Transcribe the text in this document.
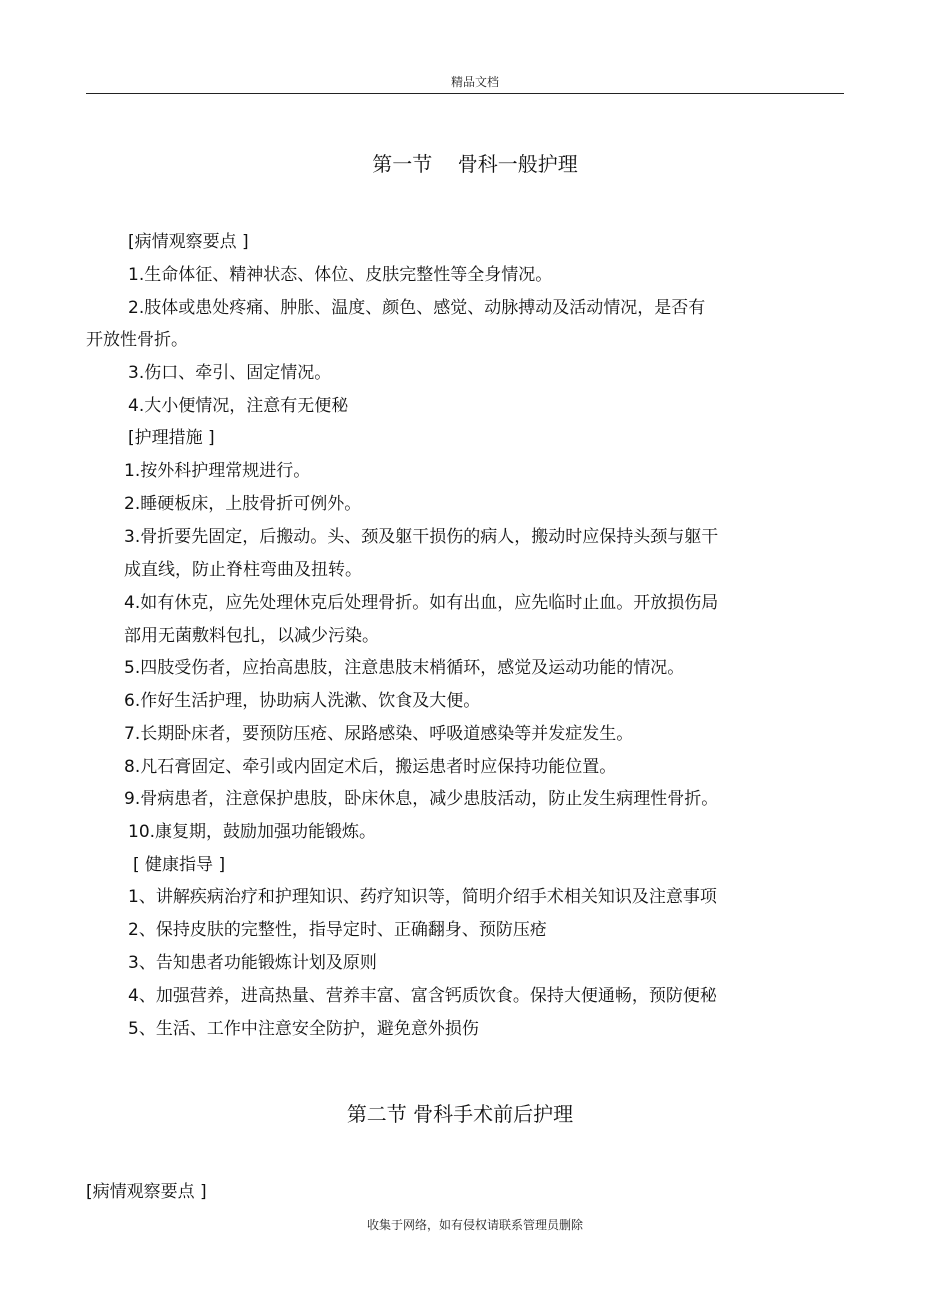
精品文档
第一节    骨科一般护理
[病情观察要点 ]
1.生命体征、精神状态、体位、皮肤完整性等全身情况。
2.肢体或患处疼痛、肿胀、温度、颜色、感觉、动脉搏动及活动情况，是否有
开放性骨折。
3.伤口、牵引、固定情况。
4.大小便情况，注意有无便秘
[护理措施 ]
1.按外科护理常规进行。
2.睡硬板床，上肢骨折可例外。
3.骨折要先固定，后搬动。头、颈及躯干损伤的病人，搬动时应保持头颈与躯干
成直线，防止脊柱弯曲及扭转。
4.如有休克，应先处理休克后处理骨折。如有出血，应先临时止血。开放损伤局
部用无菌敷料包扎，以减少污染。
5.四肢受伤者，应抬高患肢，注意患肢末梢循环，感觉及运动功能的情况。
6.作好生活护理，协助病人洗漱、饮食及大便。
7.长期卧床者，要预防压疮、尿路感染、呼吸道感染等并发症发生。
8.凡石膏固定、牵引或内固定术后，搬运患者时应保持功能位置。
9.骨病患者，注意保护患肢，卧床休息，减少患肢活动，防止发生病理性骨折。
10.康复期，鼓励加强功能锻炼。
[ 健康指导 ]
1、讲解疾病治疗和护理知识、药疗知识等，简明介绍手术相关知识及注意事项
2、保持皮肤的完整性，指导定时、正确翻身、预防压疮
3、告知患者功能锻炼计划及原则
4、加强营养，进高热量、营养丰富、富含钙质饮食。保持大便通畅，预防便秘
5、生活、工作中注意安全防护，避免意外损伤
第二节 骨科手术前后护理
[病情观察要点 ]
收集于网络，如有侵权请联系管理员删除
